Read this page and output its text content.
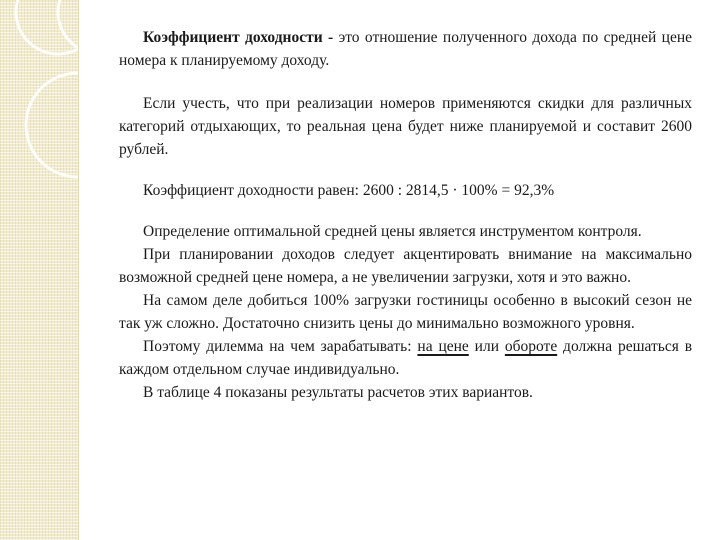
Коэффициент доходности - это отношение полученного дохода по средней цене номера к планируемому доходу.

Если учесть, что при реализации номеров применяются скидки для различных категорий отдыхающих, то реальная цена будет ниже планируемой и составит 2600 рублей.

Коэффициент доходности равен: 2600 : 2814,5 · 100% = 92,3%

Определение оптимальной средней цены является инструментом контроля.

При планировании доходов следует акцентировать внимание на максимально возможной средней цене номера, а не увеличении загрузки, хотя и это важно.

На самом деле добиться 100% загрузки гостиницы особенно в высокий сезон не так уж сложно. Достаточно снизить цены до минимально возможного уровня.

Поэтому дилемма на чем зарабатывать: на цене или обороте должна решаться в каждом отдельном случае индивидуально.

В таблице 4 показаны результаты расчетов этих вариантов.
